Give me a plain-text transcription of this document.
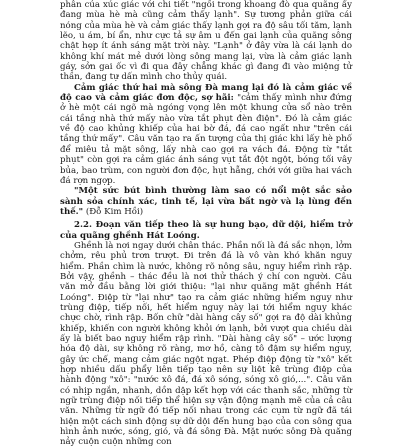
phân của xúc giác với chi tiết "ngồi trong khoang đò qua quãng ấy đang mùa hè mà cũng cảm thấy lạnh". Sự tương phản giữa cái nóng của mùa hè và cảm giác thấy lạnh gợi ra độ sâu tối tăm, lạnh lẽo, u ám, bí ẩn, như cực tả sự âm u đến gai lạnh của quãng sông chật hẹp ít ánh sáng mặt trời này. "Lạnh" ở đây vừa là cái lạnh do không khí mát mẻ dưới lòng sông mang lại, vừa là cảm giác lạnh gáy, sởn gai ốc vì đi qua đây chẳng khác gì đang đi vào miệng tử thần, đang tự dấn mình cho thủy quái.

Cảm giác thứ hai mà sông Đà mang lại đó là cảm giác về độ cao và cảm giác đơn độc, sợ hãi: "cảm thấy mình như đứng ở hè một cái ngõ mà ngóng vọng lên một khung cửa sổ nào trên cái tầng nhà thứ mấy nào vừa tắt phụt đèn điện". Đó là cảm giác về độ cao khủng khiếp của hai bờ đá, đá cao ngất như "trên cái tầng thứ mấy". Câu văn tạo ra ấn tượng của thị giác khi lấy hè phố để miêu tả mặt sông, lấy nhà cao gợi ra vách đá. Động từ "tắt phụt" còn gợi ra cảm giác ánh sáng vụt tắt đột ngột, bóng tối vây bủa, bao trùm, con người đơn độc, hụt hẫng, chới với giữa hai vách đá rợn ngợp.

"Một sức bút bình thường làm sao có nổi một sắc sảo sành sỏa chính xác, tinh tế, lại vừa bất ngờ và lạ lùng đến thế." (Đỗ Kim Hồi)

2.2. Đoạn văn tiếp theo là sự hung bạo, dữ dội, hiểm trở của quãng ghềnh Hát Loóng.

Ghềnh là nơi ngay dưới chân thác. Phần nối là đá sắc nhọn, lởm chởm, rêu phủ trơn trượt. Đi trên đá là vô vàn khó khăn nguy hiểm. Phần chìm là nước, không rõ nông sâu, nguy hiểm rình rập. Bởi vậy, ghềnh – thác đều là nơi thử thách ý chí con người. Câu văn mở đầu bằng lời giới thiệu: "lại như quãng mặt ghềnh Hát Loóng". Điệp từ "lại như" tạo ra cảm giác những hiểm nguy như trùng điệp, tiếp nối, hết hiểm nguy này lại tới hiểm nguy khác chực chờ, rình rập. Bốn chữ "dài hàng cây số" gợi ra độ dài khủng khiếp, khiến con người không khỏi ớn lạnh, bởi vượt qua chiều dài ấy là biết bao nguy hiểm rập rình. "Dài hàng cây số" – ước lượng hóa độ dài, sự không rõ ràng, mơ hồ, càng tô đậm sự hiểm nguy, gây ức chế, mang cảm giác ngột ngạt. Phép điệp động từ "xô" kết hợp nhiều dấu phẩy liên tiếp tạo nên sự liệt kê trùng điệp của hành động "xô": "nước xô đá, đá xô sóng, sóng xô gió,...". Câu văn có nhịp ngắn, nhanh, dồn dập kết hợp với các thanh sắc, những từ ngữ trùng điệp nối tiếp thể hiện sự vận động mạnh mẽ của cả câu văn. Những từ ngữ đó tiếp nối nhau trong các cụm từ ngữ đã tái hiện một cách sinh động sự dữ dội đến hung bạo của con sông qua hình ảnh nước, sóng, gió, và đá sông Đà. Mặt nước sông Đà quăng nảy cuộn cuộn những con
